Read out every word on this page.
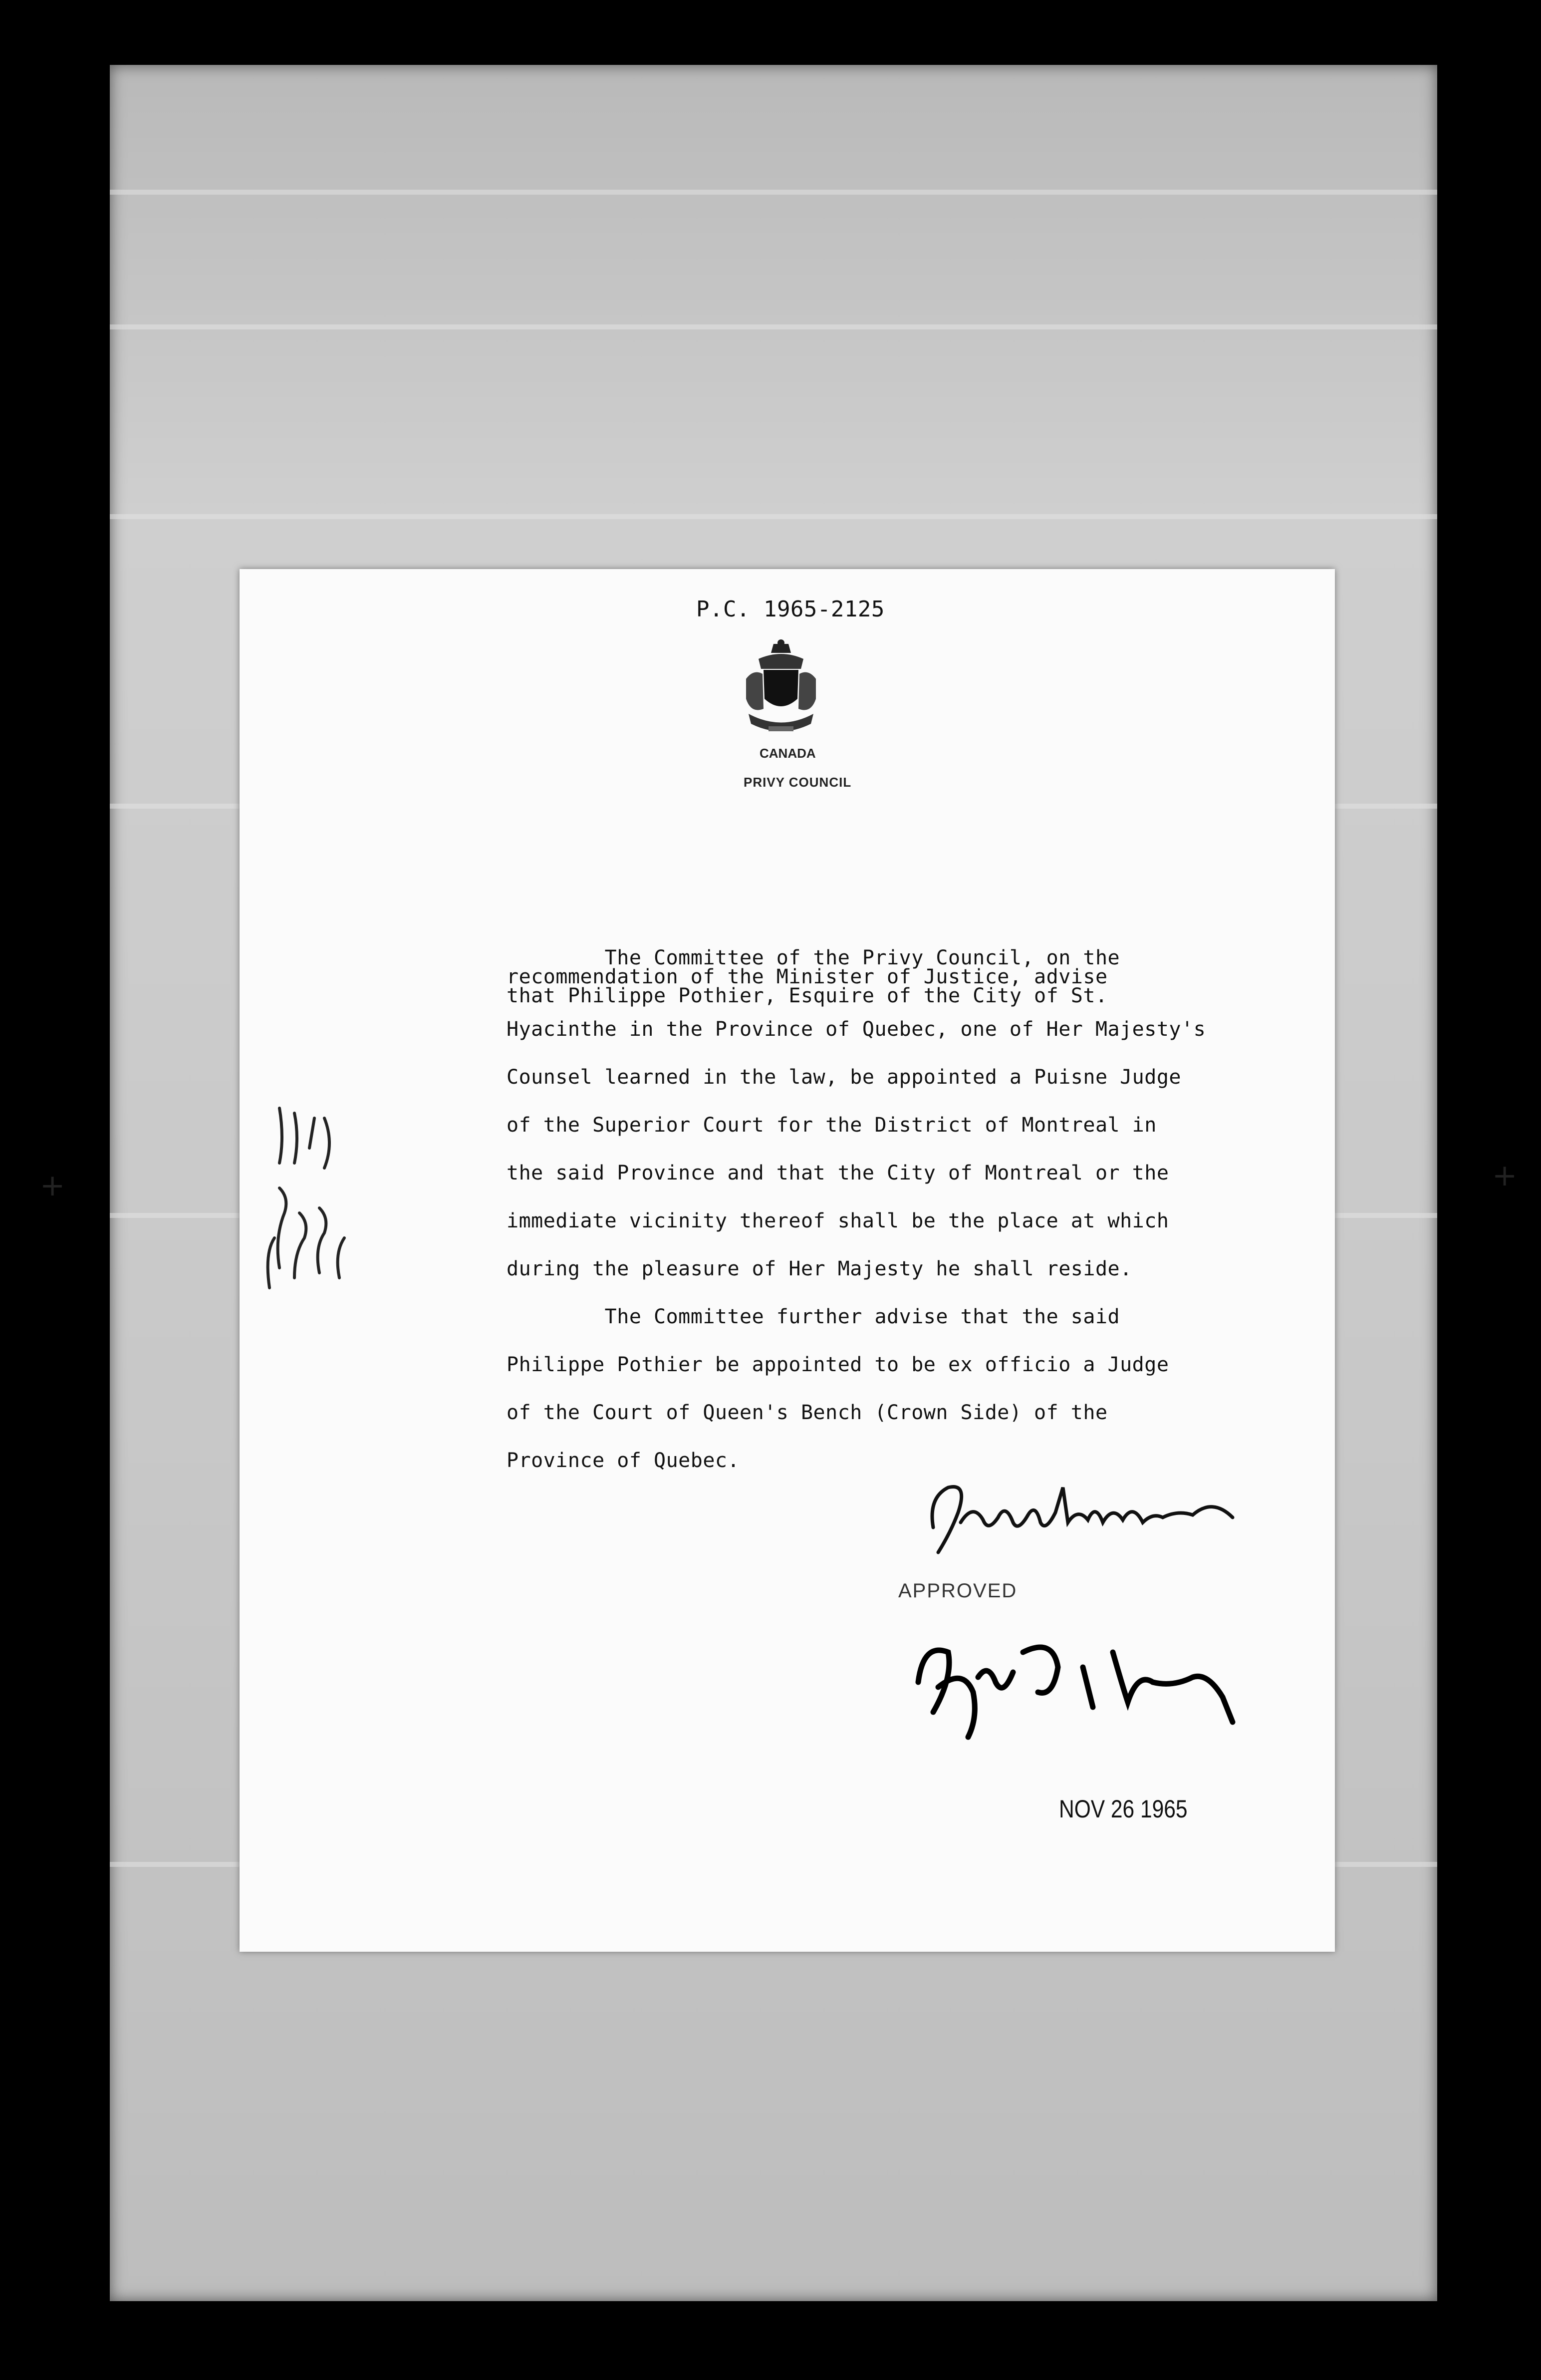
+	+
P.C. 1965-2125
CANADA
PRIVY COUNCIL

The Committee of the Privy Council, on the

recommendation of the Minister of Justice, advise

that Philippe Pothier, Esquire of the City of St.

Hyacinthe in the Province of Quebec, one of Her Majesty's

Counsel learned in the law, be appointed a Puisne Judge

of the Superior Court for the District of Montreal in

the said Province and that the City of Montreal or the

immediate vicinity thereof shall be the place at which

during the pleasure of Her Majesty he shall reside.

The Committee further advise that the said

Philippe Pothier be appointed to be ex officio a Judge

of the Court of Queen's Bench (Crown Side) of the

Province of Quebec.

APPROVED
NOV 26 1965
